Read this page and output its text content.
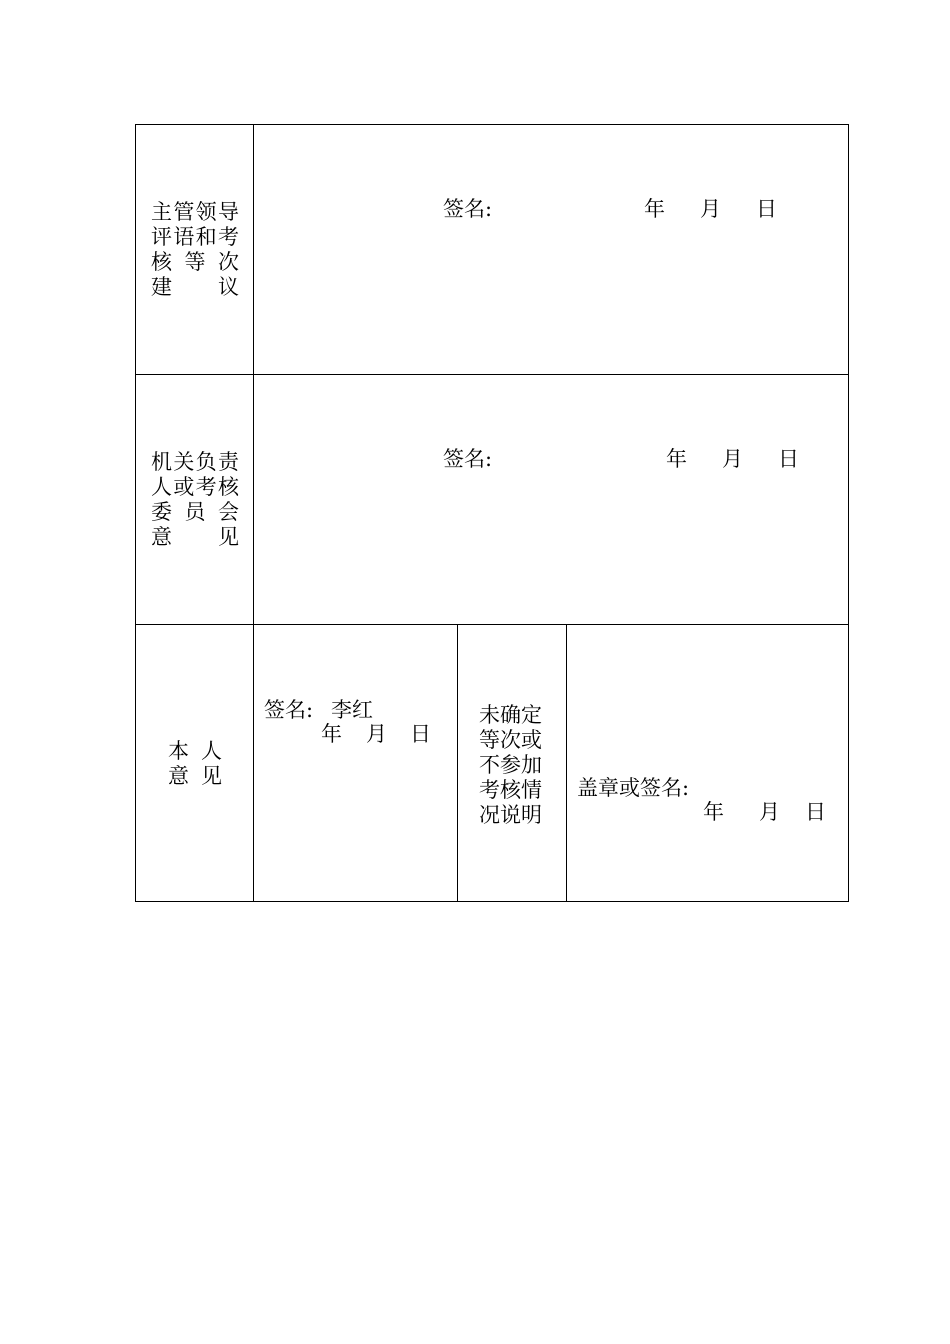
主 管 领 导
评 语 和 考
核 等 次
建 议
签名:	年 月 日
机 关 负 责
人 或 考 核
委 员 会
意 见
签名:	年 月 日
本 人
意 见
签名: 李红
年 月 日
未确定
等次或
不参加
考核情
况说明
盖章或签名:
年 月 日
